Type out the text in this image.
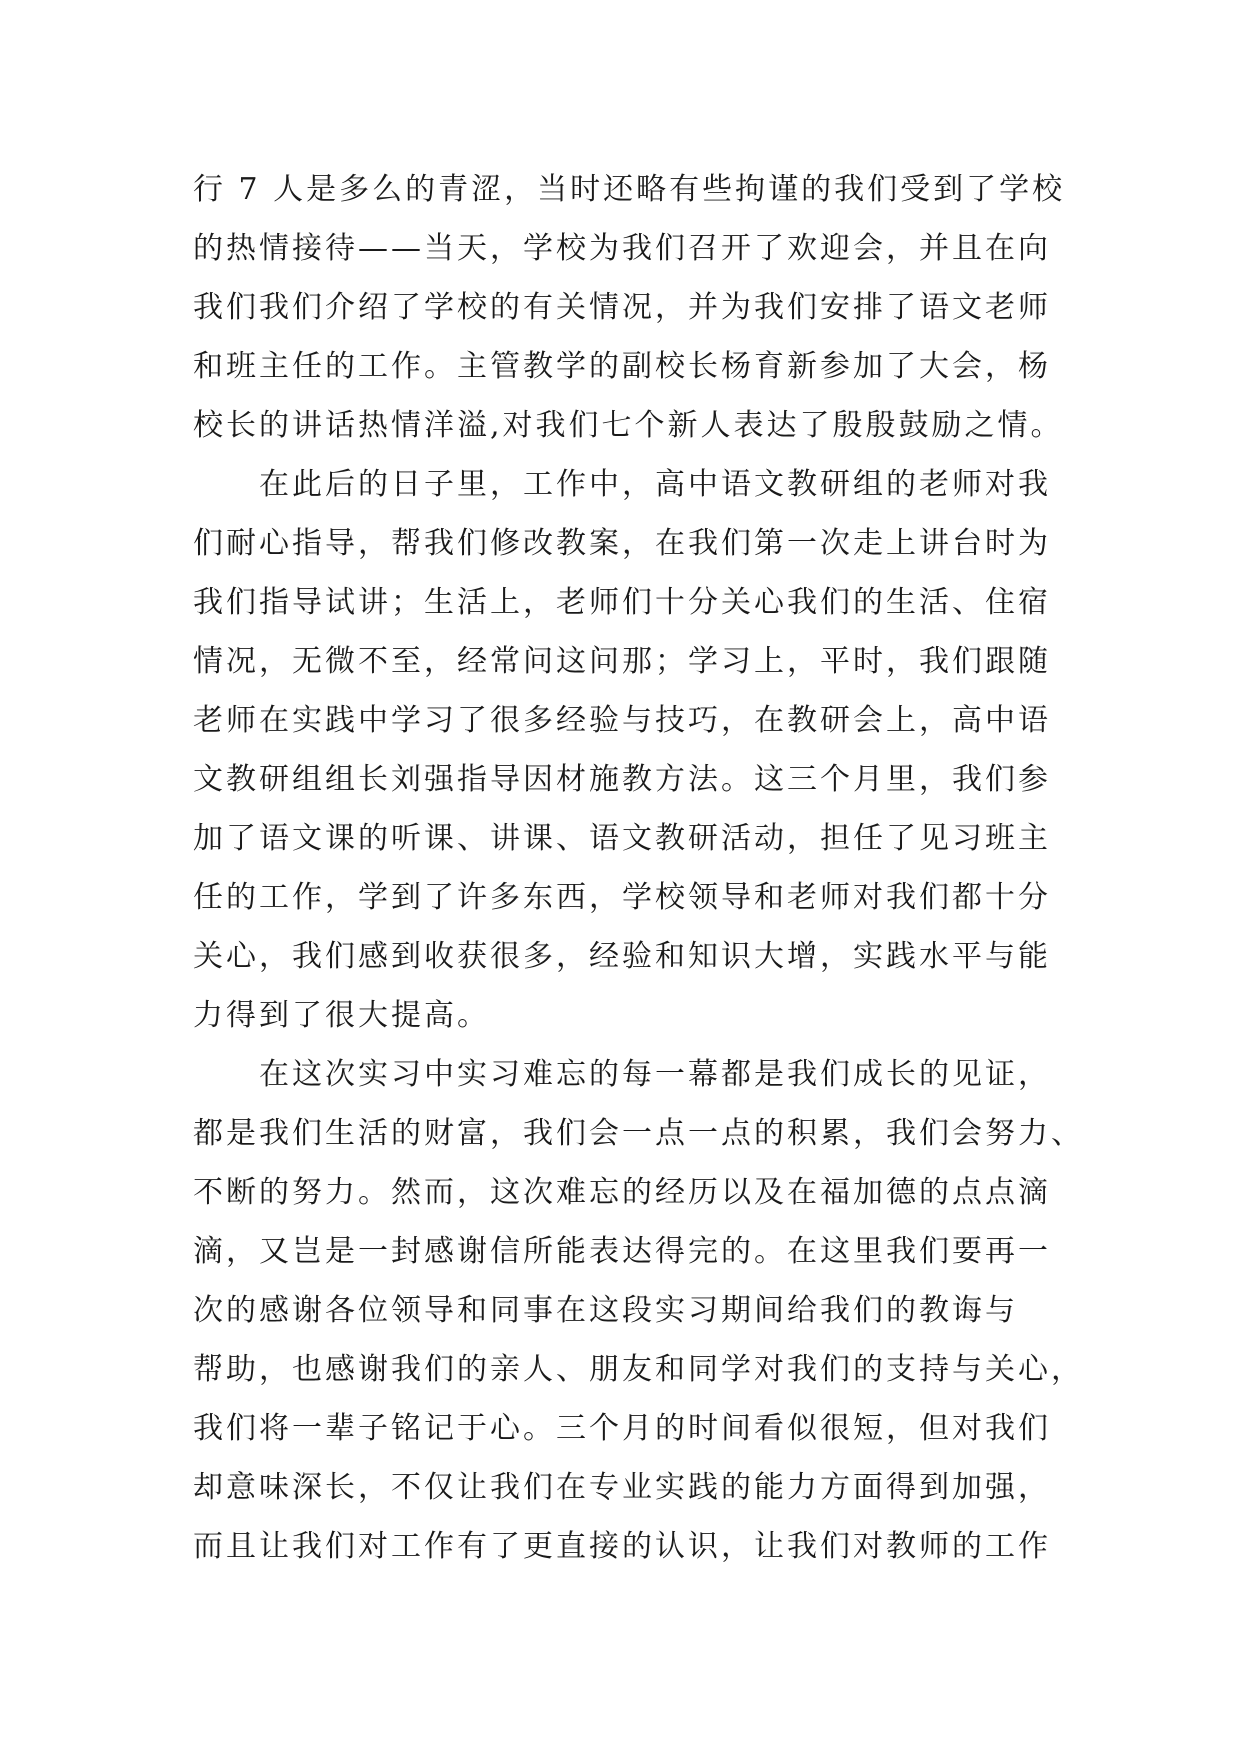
行 7 人是多么的青涩，当时还略有些拘谨的我们受到了学校
的热情接待——当天，学校为我们召开了欢迎会，并且在向
我们我们介绍了学校的有关情况，并为我们安排了语文老师
和班主任的工作。主管教学的副校长杨育新参加了大会，杨
校长的讲话热情洋溢,对我们七个新人表达了殷殷鼓励之情。
在此后的日子里，工作中，高中语文教研组的老师对我
们耐心指导，帮我们修改教案，在我们第一次走上讲台时为
我们指导试讲；生活上，老师们十分关心我们的生活、住宿
情况，无微不至，经常问这问那；学习上，平时，我们跟随
老师在实践中学习了很多经验与技巧，在教研会上，高中语
文教研组组长刘强指导因材施教方法。这三个月里，我们参
加了语文课的听课、讲课、语文教研活动，担任了见习班主
任的工作，学到了许多东西，学校领导和老师对我们都十分
关心，我们感到收获很多，经验和知识大增，实践水平与能
力得到了很大提高。
在这次实习中实习难忘的每一幕都是我们成长的见证，
都是我们生活的财富，我们会一点一点的积累，我们会努力、
不断的努力。然而，这次难忘的经历以及在福加德的点点滴
滴，又岂是一封感谢信所能表达得完的。在这里我们要再一
次的感谢各位领导和同事在这段实习期间给我们的教诲与
帮助，也感谢我们的亲人、朋友和同学对我们的支持与关心，
我们将一辈子铭记于心。三个月的时间看似很短，但对我们
却意味深长，不仅让我们在专业实践的能力方面得到加强，
而且让我们对工作有了更直接的认识，让我们对教师的工作
